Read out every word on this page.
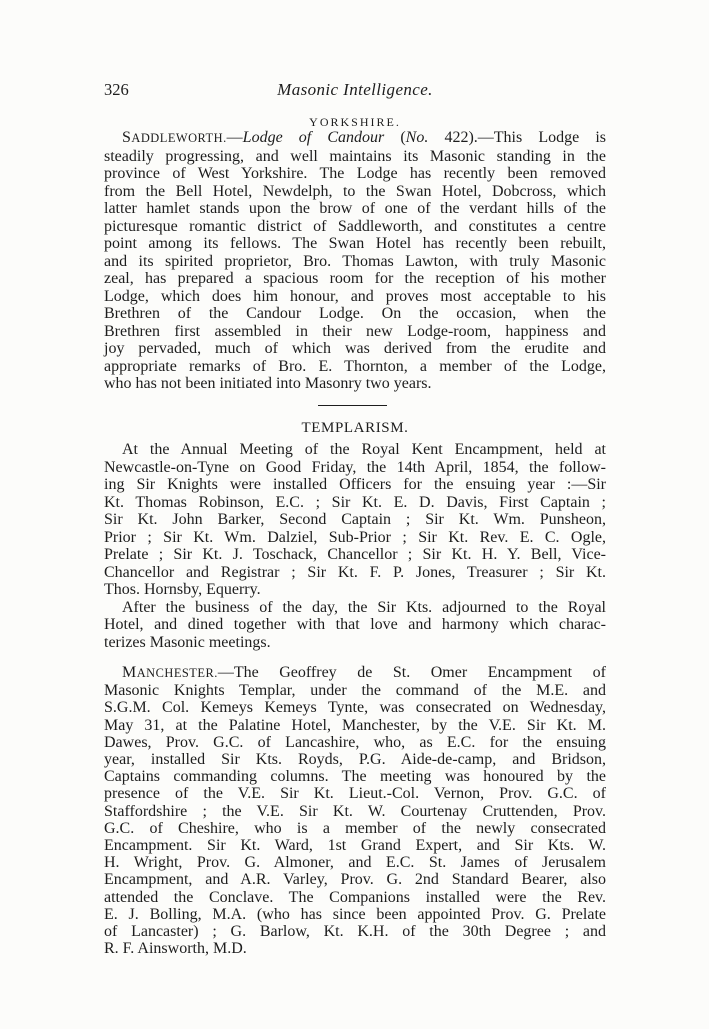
326	Masonic Intelligence.
YORKSHIRE.
SADDLEWORTH.—Lodge of Candour (No. 422).—This Lodge is
steadily progressing, and well maintains its Masonic standing in the
province of West Yorkshire. The Lodge has recently been removed
from the Bell Hotel, Newdelph, to the Swan Hotel, Dobcross, which
latter hamlet stands upon the brow of one of the verdant hills of the
picturesque romantic district of Saddleworth, and constitutes a centre
point among its fellows. The Swan Hotel has recently been rebuilt,
and its spirited proprietor, Bro. Thomas Lawton, with truly Masonic
zeal, has prepared a spacious room for the reception of his mother
Lodge, which does him honour, and proves most acceptable to his
Brethren of the Candour Lodge. On the occasion, when the
Brethren first assembled in their new Lodge-room, happiness and
joy pervaded, much of which was derived from the erudite and
appropriate remarks of Bro. E. Thornton, a member of the Lodge,
who has not been initiated into Masonry two years.
TEMPLARISM.
At the Annual Meeting of the Royal Kent Encampment, held at
Newcastle-on-Tyne on Good Friday, the 14th April, 1854, the follow-
ing Sir Knights were installed Officers for the ensuing year :—Sir
Kt. Thomas Robinson, E.C. ; Sir Kt. E. D. Davis, First Captain ;
Sir Kt. John Barker, Second Captain ; Sir Kt. Wm. Punsheon,
Prior ; Sir Kt. Wm. Dalziel, Sub-Prior ; Sir Kt. Rev. E. C. Ogle,
Prelate ; Sir Kt. J. Toschack, Chancellor ; Sir Kt. H. Y. Bell, Vice-
Chancellor and Registrar ; Sir Kt. F. P. Jones, Treasurer ; Sir Kt.
Thos. Hornsby, Equerry.
After the business of the day, the Sir Kts. adjourned to the Royal
Hotel, and dined together with that love and harmony which charac-
terizes Masonic meetings.
MANCHESTER.—The Geoffrey de St. Omer Encampment of
Masonic Knights Templar, under the command of the M.E. and
S.G.M. Col. Kemeys Kemeys Tynte, was consecrated on Wednesday,
May 31, at the Palatine Hotel, Manchester, by the V.E. Sir Kt. M.
Dawes, Prov. G.C. of Lancashire, who, as E.C. for the ensuing
year, installed Sir Kts. Royds, P.G. Aide-de-camp, and Bridson,
Captains commanding columns. The meeting was honoured by the
presence of the V.E. Sir Kt. Lieut.-Col. Vernon, Prov. G.C. of
Staffordshire ; the V.E. Sir Kt. W. Courtenay Cruttenden, Prov.
G.C. of Cheshire, who is a member of the newly consecrated
Encampment. Sir Kt. Ward, 1st Grand Expert, and Sir Kts. W.
H. Wright, Prov. G. Almoner, and E.C. St. James of Jerusalem
Encampment, and A.R. Varley, Prov. G. 2nd Standard Bearer, also
attended the Conclave. The Companions installed were the Rev.
E. J. Bolling, M.A. (who has since been appointed Prov. G. Prelate
of Lancaster) ; G. Barlow, Kt. K.H. of the 30th Degree ; and
R. F. Ainsworth, M.D.
